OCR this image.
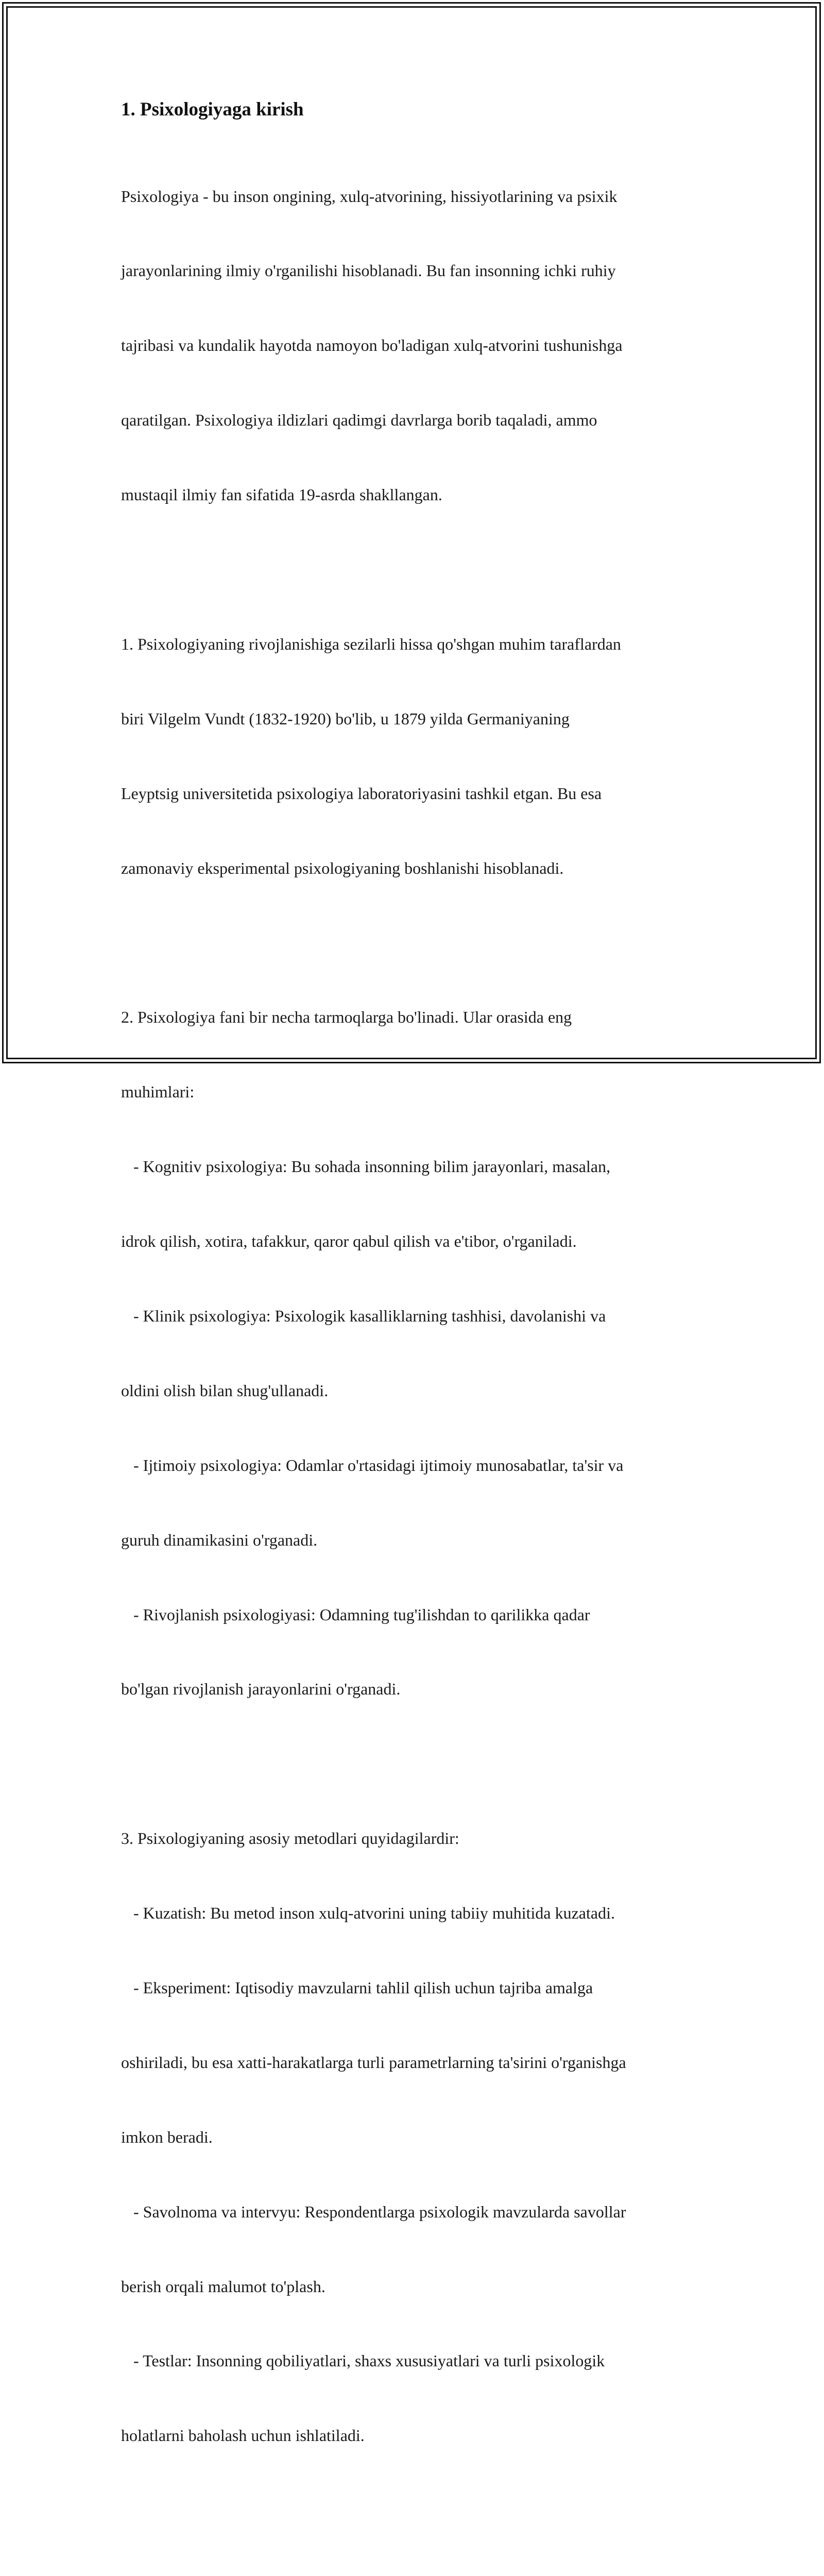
1. Psixologiyaga kirish

Psixologiya - bu inson ongining, xulq-atvorining, hissiyotlarining va psixik

jarayonlarining ilmiy o'rganilishi hisoblanadi. Bu fan insonning ichki ruhiy

tajribasi va kundalik hayotda namoyon bo'ladigan xulq-atvorini tushunishga

qaratilgan. Psixologiya ildizlari qadimgi davrlarga borib taqaladi, ammo

mustaqil ilmiy fan sifatida 19-asrda shakllangan.

1. Psixologiyaning rivojlanishiga sezilarli hissa qo'shgan muhim taraflardan

biri Vilgelm Vundt (1832-1920) bo'lib, u 1879 yilda Germaniyaning

Leyptsig universitetida psixologiya laboratoriyasini tashkil etgan. Bu esa

zamonaviy eksperimental psixologiyaning boshlanishi hisoblanadi.

2. Psixologiya fani bir necha tarmoqlarga bo'linadi. Ular orasida eng

muhimlari:

- Kognitiv psixologiya: Bu sohada insonning bilim jarayonlari, masalan,

idrok qilish, xotira, tafakkur, qaror qabul qilish va e'tibor, o'rganiladi.

- Klinik psixologiya: Psixologik kasalliklarning tashhisi, davolanishi va

oldini olish bilan shug'ullanadi.

- Ijtimoiy psixologiya: Odamlar o'rtasidagi ijtimoiy munosabatlar, ta'sir va

guruh dinamikasini o'rganadi.

- Rivojlanish psixologiyasi: Odamning tug'ilishdan to qarilikka qadar

bo'lgan rivojlanish jarayonlarini o'rganadi.

3. Psixologiyaning asosiy metodlari quyidagilardir:

- Kuzatish: Bu metod inson xulq-atvorini uning tabiiy muhitida kuzatadi.

- Eksperiment: Iqtisodiy mavzularni tahlil qilish uchun tajriba amalga

oshiriladi, bu esa xatti-harakatlarga turli parametrlarning ta'sirini o'rganishga

imkon beradi.

- Savolnoma va intervyu: Respondentlarga psixologik mavzularda savollar

berish orqali malumot to'plash.

- Testlar: Insonning qobiliyatlari, shaxs xususiyatlari va turli psixologik

holatlarni baholash uchun ishlatiladi.
